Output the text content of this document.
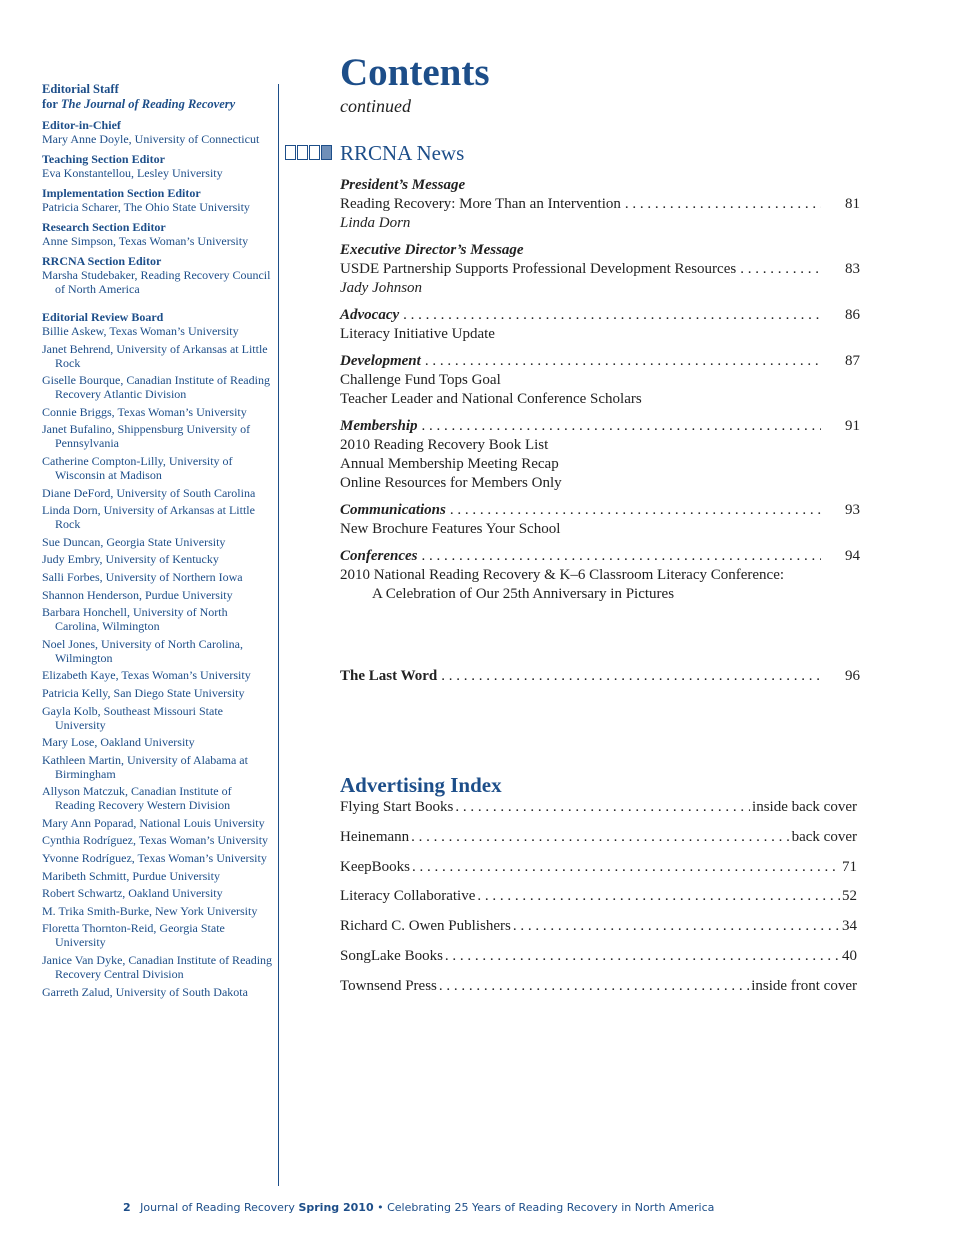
Editorial Staff
for The Journal of Reading Recovery

Editor-in-Chief
Mary Anne Doyle, University of Connecticut
Teaching Section Editor
Eva Konstantellou, Lesley University
Implementation Section Editor
Patricia Scharer, The Ohio State University
Research Section Editor
Anne Simpson, Texas Woman’s University
RRCNA Section Editor
Marsha Studebaker, Reading Recovery Council of North America
Editorial Review Board
Billie Askew, Texas Woman’s University
Janet Behrend, University of Arkansas at Little Rock
Giselle Bourque, Canadian Institute of Reading Recovery Atlantic Division
Connie Briggs, Texas Woman’s University
Janet Bufalino, Shippensburg University of Pennsylvania
Catherine Compton-Lilly, University of Wisconsin at Madison
Diane DeFord, University of South Carolina
Linda Dorn, University of Arkansas at Little Rock
Sue Duncan, Georgia State University
Judy Embry, University of Kentucky
Salli Forbes, University of Northern Iowa
Shannon Henderson, Purdue University
Barbara Honchell, University of North Carolina, Wilmington
Noel Jones, University of North Carolina, Wilmington
Elizabeth Kaye, Texas Woman’s University
Patricia Kelly, San Diego State University
Gayla Kolb, Southeast Missouri State University
Mary Lose, Oakland University
Kathleen Martin, University of Alabama at Birmingham
Allyson Matczuk, Canadian Institute of Reading Recovery Western Division
Mary Ann Poparad, National Louis University
Cynthia Rodríguez, Texas Woman’s University
Yvonne Rodríguez, Texas Woman’s University
Maribeth Schmitt, Purdue University
Robert Schwartz, Oakland University
M. Trika Smith-Burke, New York University
Floretta Thornton-Reid, Georgia State University
Janice Van Dyke, Canadian Institute of Reading Recovery Central Division
Garreth Zalud, University of South Dakota
Contents
continued
RRCNA News
President’s Message
Reading Recovery: More Than an Intervention . . .	81
Linda Dorn
Executive Director’s Message
USDE Partnership Supports Professional Development Resources . . .	83
Jady Johnson
Advocacy . . .	86
Literacy Initiative Update
Development . . .	87
Challenge Fund Tops Goal
Teacher Leader and National Conference Scholars
Membership . . .	91
2010 Reading Recovery Book List
Annual Membership Meeting Recap
Online Resources for Members Only
Communications . . .	93
New Brochure Features Your School
Conferences . . .	94
2010 National Reading Recovery & K–6 Classroom Literacy Conference:
A Celebration of Our 25th Anniversary in Pictures
The Last Word . . .	96
Advertising Index
Flying Start Books . . .	inside back cover
Heinemann . . .	back cover
KeepBooks . . .	71
Literacy Collaborative . . .	52
Richard C. Owen Publishers . . .	34
SongLake Books . . .	40
Townsend Press . . .	inside front cover
2 Journal of Reading Recovery Spring 2010 • Celebrating 25 Years of Reading Recovery in North America
